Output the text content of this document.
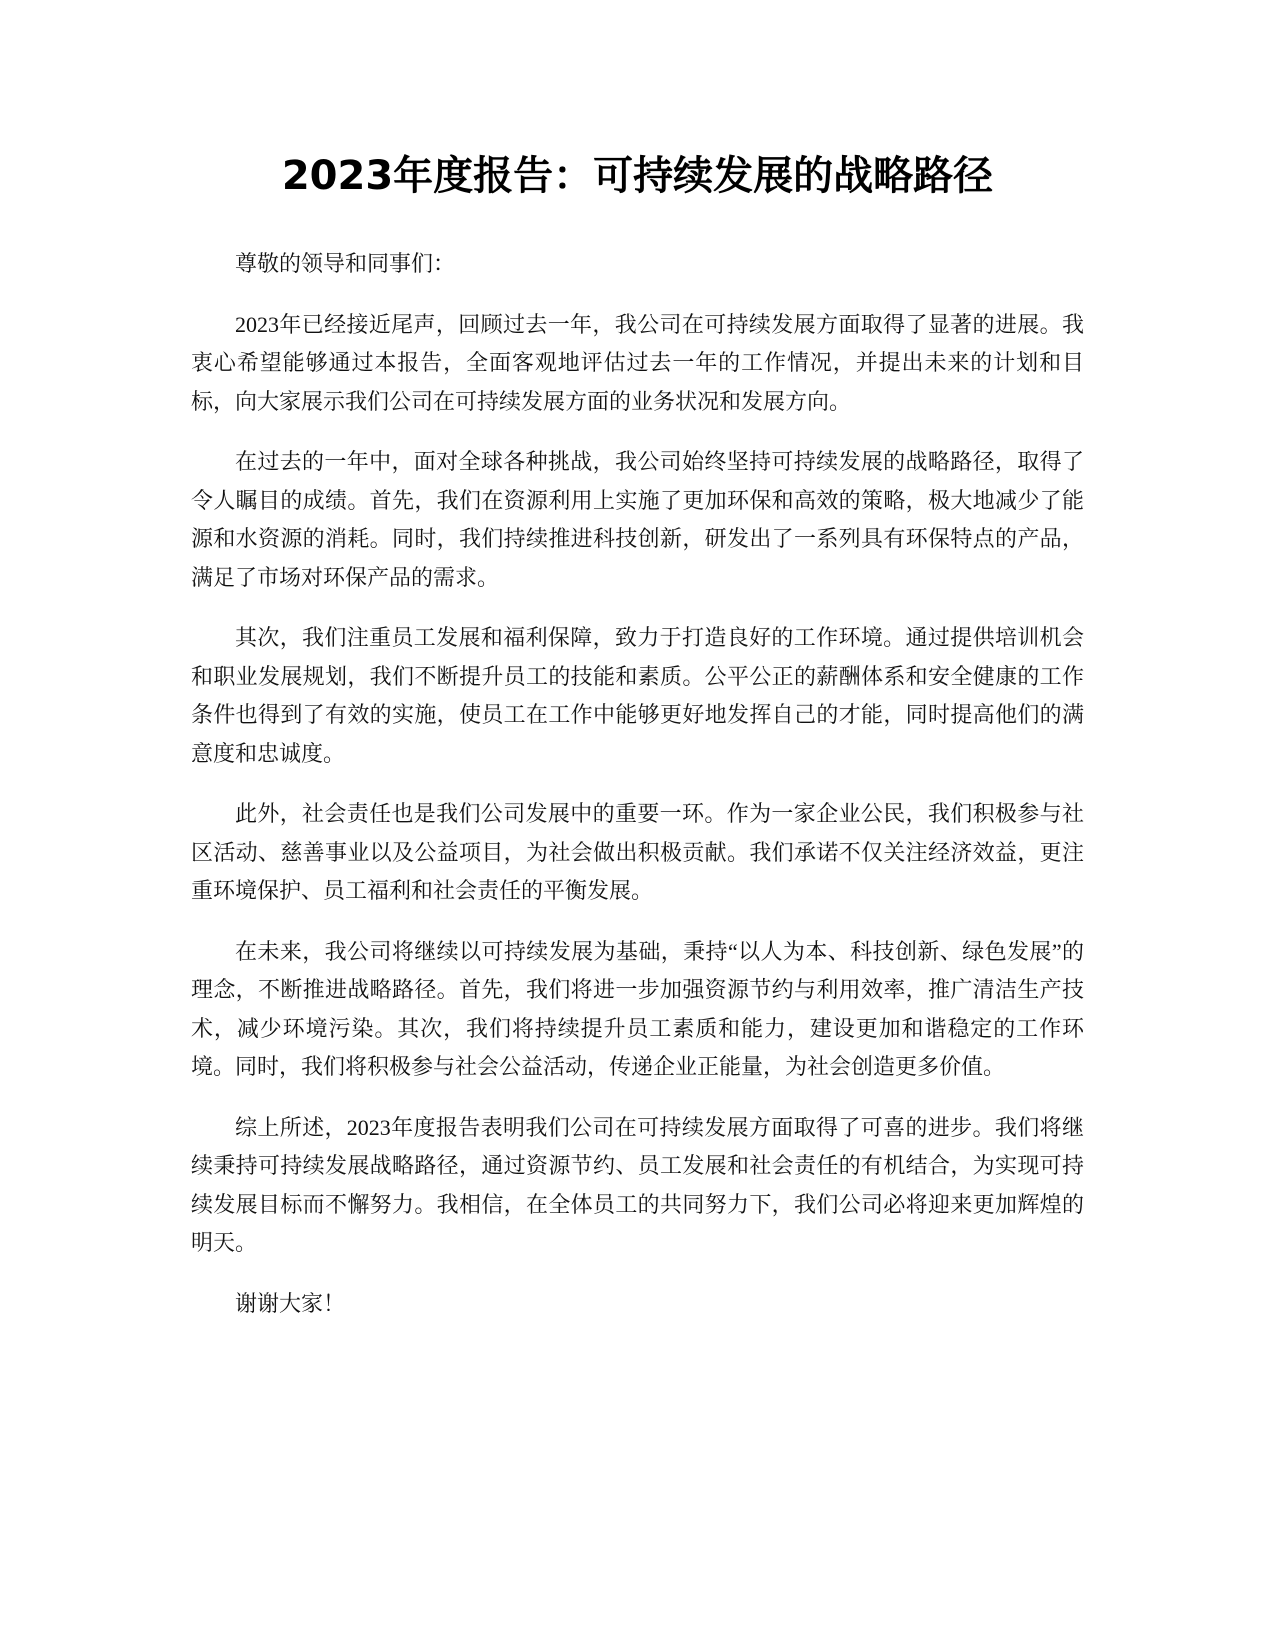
2023年度报告：可持续发展的战略路径

尊敬的领导和同事们：

2023年已经接近尾声，回顾过去一年，我公司在可持续发展方面取得了显著的进展。我衷心希望能够通过本报告，全面客观地评估过去一年的工作情况，并提出未来的计划和目标，向大家展示我们公司在可持续发展方面的业务状况和发展方向。

在过去的一年中，面对全球各种挑战，我公司始终坚持可持续发展的战略路径，取得了令人瞩目的成绩。首先，我们在资源利用上实施了更加环保和高效的策略，极大地减少了能源和水资源的消耗。同时，我们持续推进科技创新，研发出了一系列具有环保特点的产品，满足了市场对环保产品的需求。

其次，我们注重员工发展和福利保障，致力于打造良好的工作环境。通过提供培训机会和职业发展规划，我们不断提升员工的技能和素质。公平公正的薪酬体系和安全健康的工作条件也得到了有效的实施，使员工在工作中能够更好地发挥自己的才能，同时提高他们的满意度和忠诚度。

此外，社会责任也是我们公司发展中的重要一环。作为一家企业公民，我们积极参与社区活动、慈善事业以及公益项目，为社会做出积极贡献。我们承诺不仅关注经济效益，更注重环境保护、员工福利和社会责任的平衡发展。

在未来，我公司将继续以可持续发展为基础，秉持“以人为本、科技创新、绿色发展”的理念，不断推进战略路径。首先，我们将进一步加强资源节约与利用效率，推广清洁生产技术，减少环境污染。其次，我们将持续提升员工素质和能力，建设更加和谐稳定的工作环境。同时，我们将积极参与社会公益活动，传递企业正能量，为社会创造更多价值。

综上所述，2023年度报告表明我们公司在可持续发展方面取得了可喜的进步。我们将继续秉持可持续发展战略路径，通过资源节约、员工发展和社会责任的有机结合，为实现可持续发展目标而不懈努力。我相信，在全体员工的共同努力下，我们公司必将迎来更加辉煌的明天。

谢谢大家！
